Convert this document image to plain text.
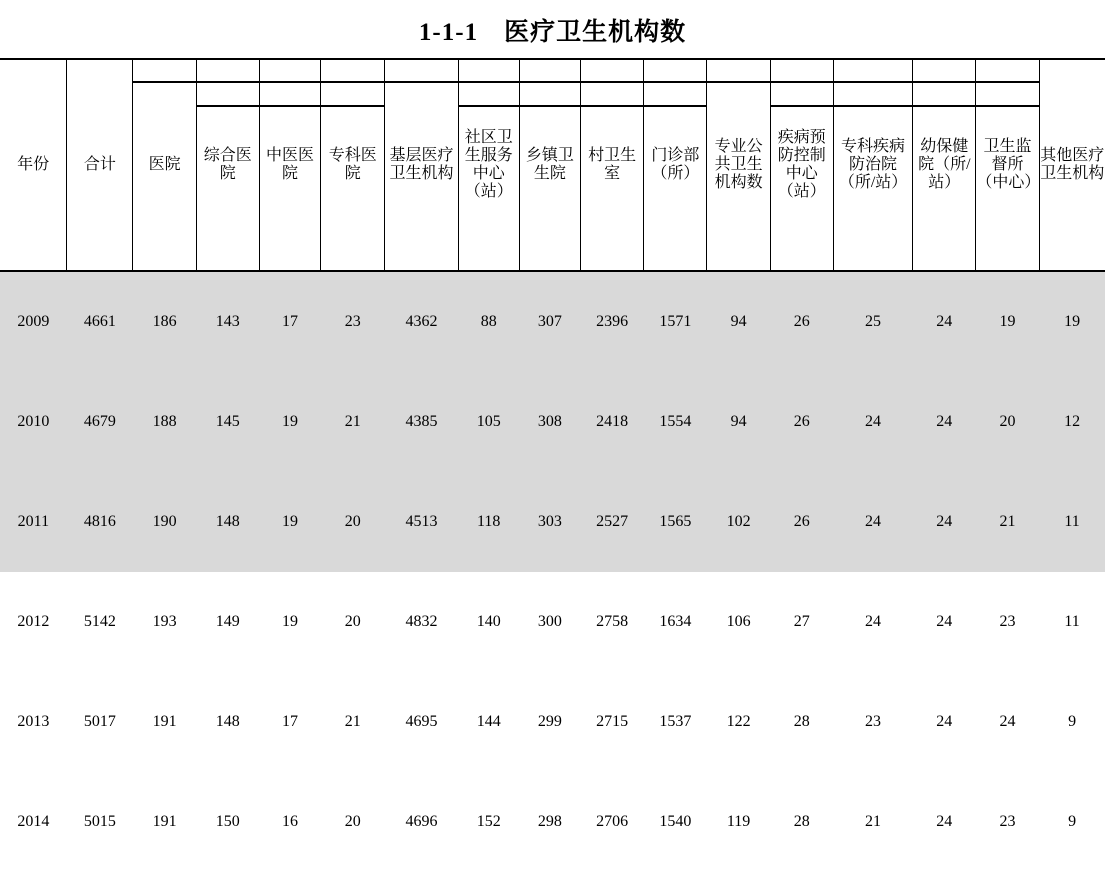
1-1-1　医疗卫生机构数
年份	合计	医院	综合医院	中医医院	专科医院	基层医疗卫生机构	社区卫生服务中心（站）	乡镇卫生院	村卫生室	门诊部（所）	专业公共卫生机构数	疾病预防控制中心（站）	专科疾病防治院（所/站）	幼保健院（所/站）	卫生监督所（中心）	其他医疗卫生机构

2009	4661	186	143	17	23	4362	88	307	2396	1571	94	26	25	24	19	19
2010	4679	188	145	19	21	4385	105	308	2418	1554	94	26	24	24	20	12
2011	4816	190	148	19	20	4513	118	303	2527	1565	102	26	24	24	21	11
2012	5142	193	149	19	20	4832	140	300	2758	1634	106	27	24	24	23	11
2013	5017	191	148	17	21	4695	144	299	2715	1537	122	28	23	24	24	9
2014	5015	191	150	16	20	4696	152	298	2706	1540	119	28	21	24	23	9
